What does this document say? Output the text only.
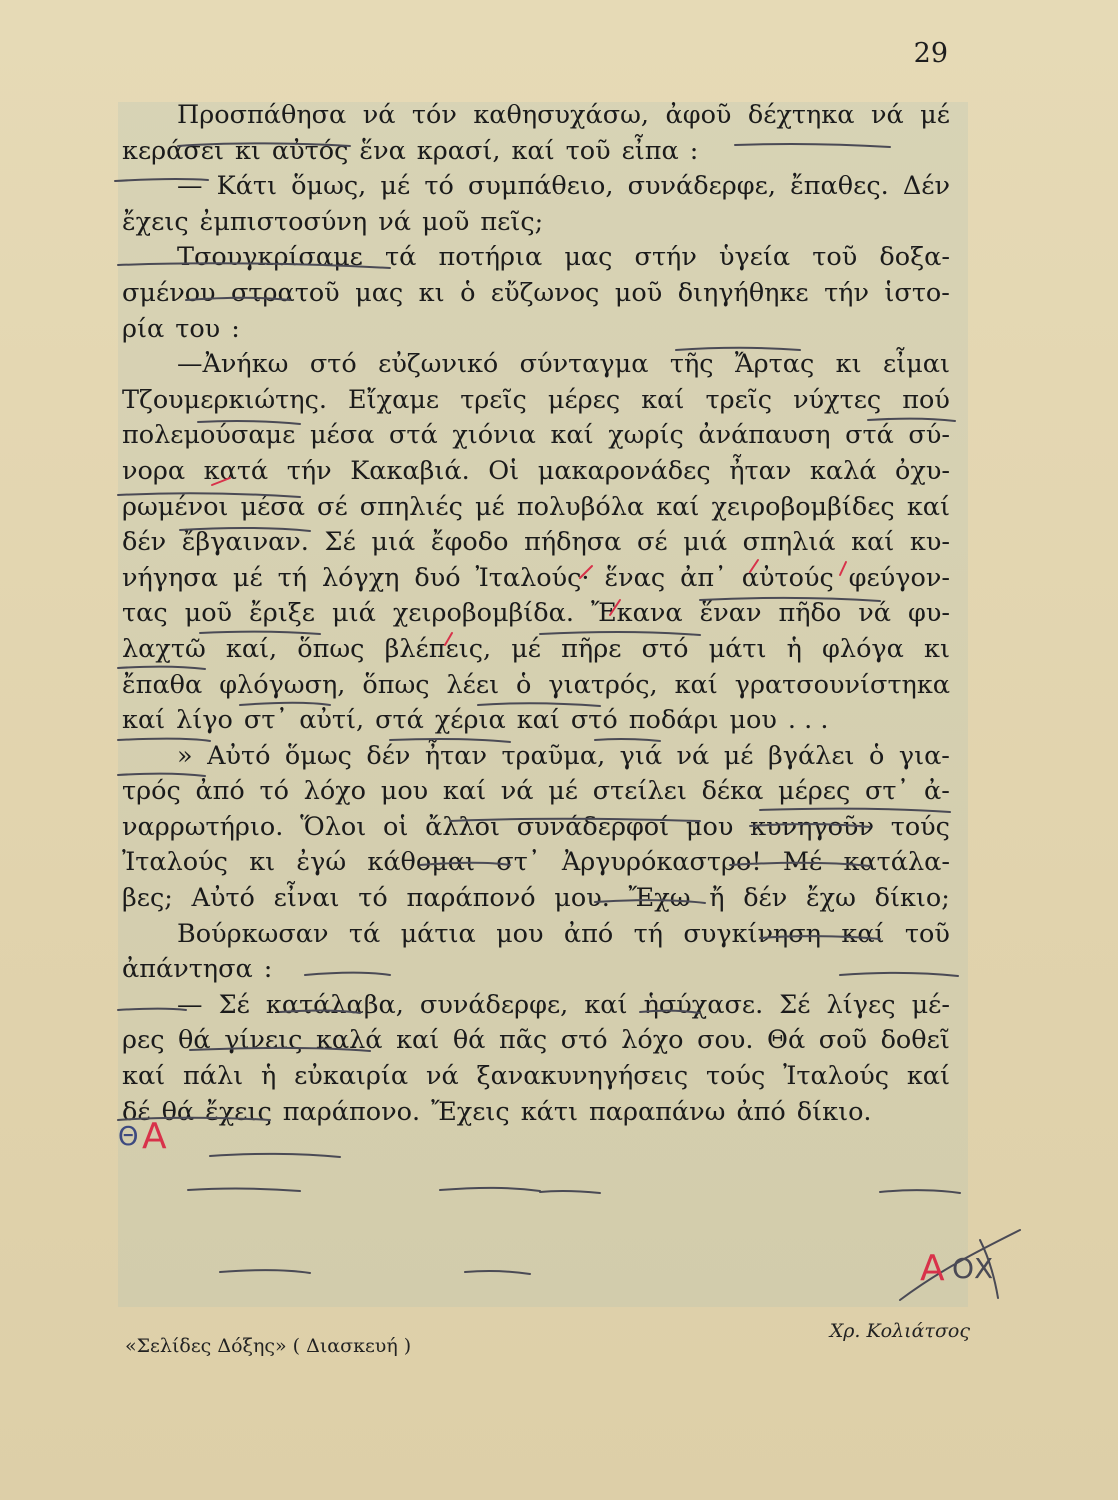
29
Προσπάθησα νά τόν καθησυχάσω, ἀφοῦ δέχτηκα νά μέ
κεράσει κι αὐτός ἕνα κρασί, καί τοῦ εἶπα :
— Κάτι ὅμως, μέ τό συμπάθειο, συνάδερφε, ἔπαθες. Δέν
ἔχεις ἐμπιστοσύνη νά μοῦ πεῖς;
Τσουγκρίσαμε τά ποτήρια μας στήν ὑγεία τοῦ δοξα-
σμένου στρατοῦ μας κι ὁ εὔζωνος μοῦ διηγήθηκε τήν ἱστο-
ρία του :
—Ἀνήκω στό εὐζωνικό σύνταγμα τῆς Ἄρτας κι εἶμαι
Τζουμερκιώτης. Εἴχαμε τρεῖς μέρες καί τρεῖς νύχτες πού
πολεμούσαμε μέσα στά χιόνια καί χωρίς ἀνάπαυση στά σύ-
νορα κατά τήν Κακαβιά. Οἱ μακαρονάδες ἦταν καλά ὀχυ-
ρωμένοι μέσα σέ σπηλιές μέ πολυβόλα καί χειροβομβίδες καί
δέν ἔβγαιναν. Σέ μιά ἔφοδο πήδησα σέ μιά σπηλιά καί κυ-
νήγησα μέ τή λόγχη δυό Ἰταλούς· ἕνας ἀπ᾿ αὐτούς φεύγον-
τας μοῦ ἔριξε μιά χειροβομβίδα. Ἔκανα ἕναν πῆδο νά φυ-
λαχτῶ καί, ὅπως βλέπεις, μέ πῆρε στό μάτι ἡ φλόγα κι
ἔπαθα φλόγωση, ὅπως λέει ὁ γιατρός, καί γρατσουνίστηκα
καί λίγο στ᾿ αὐτί, στά χέρια καί στό ποδάρι μου . . .
» Αὐτό ὅμως δέν ἦταν τραῦμα, γιά νά μέ βγάλει ὁ για-
τρός ἀπό τό λόχο μου καί νά μέ στείλει δέκα μέρες στ᾿ ἀ-
ναρρωτήριο. Ὅλοι οἱ ἄλλοι συνάδερφοί μου κυνηγοῦν τούς
Ἰταλούς κι ἐγώ κάθομαι στ᾿ Ἀργυρόκαστρο! Μέ κατάλα-
βες; Αὐτό εἶναι τό παράπονό μου. Ἔχω ἤ δέν ἔχω δίκιο;
Βούρκωσαν τά μάτια μου ἀπό τή συγκίνηση καί τοῦ
ἀπάντησα :
— Σέ κατάλαβα, συνάδερφε, καί ἡσύχασε. Σέ λίγες μέ-
ρες θά γίνεις καλά καί θά πᾶς στό λόχο σου. Θά σοῦ δοθεῖ
καί πάλι ἡ εὐκαιρία νά ξανακυνηγήσεις τούς Ἰταλούς καί
δέ θά ἔχεις παράπονο. Ἔχεις κάτι παραπάνω ἀπό δίκιο.
Θ Α
Α ΟΧ
«Σελίδες Δόξης» ( Διασκευή )
Χρ. Κολιάτσος
